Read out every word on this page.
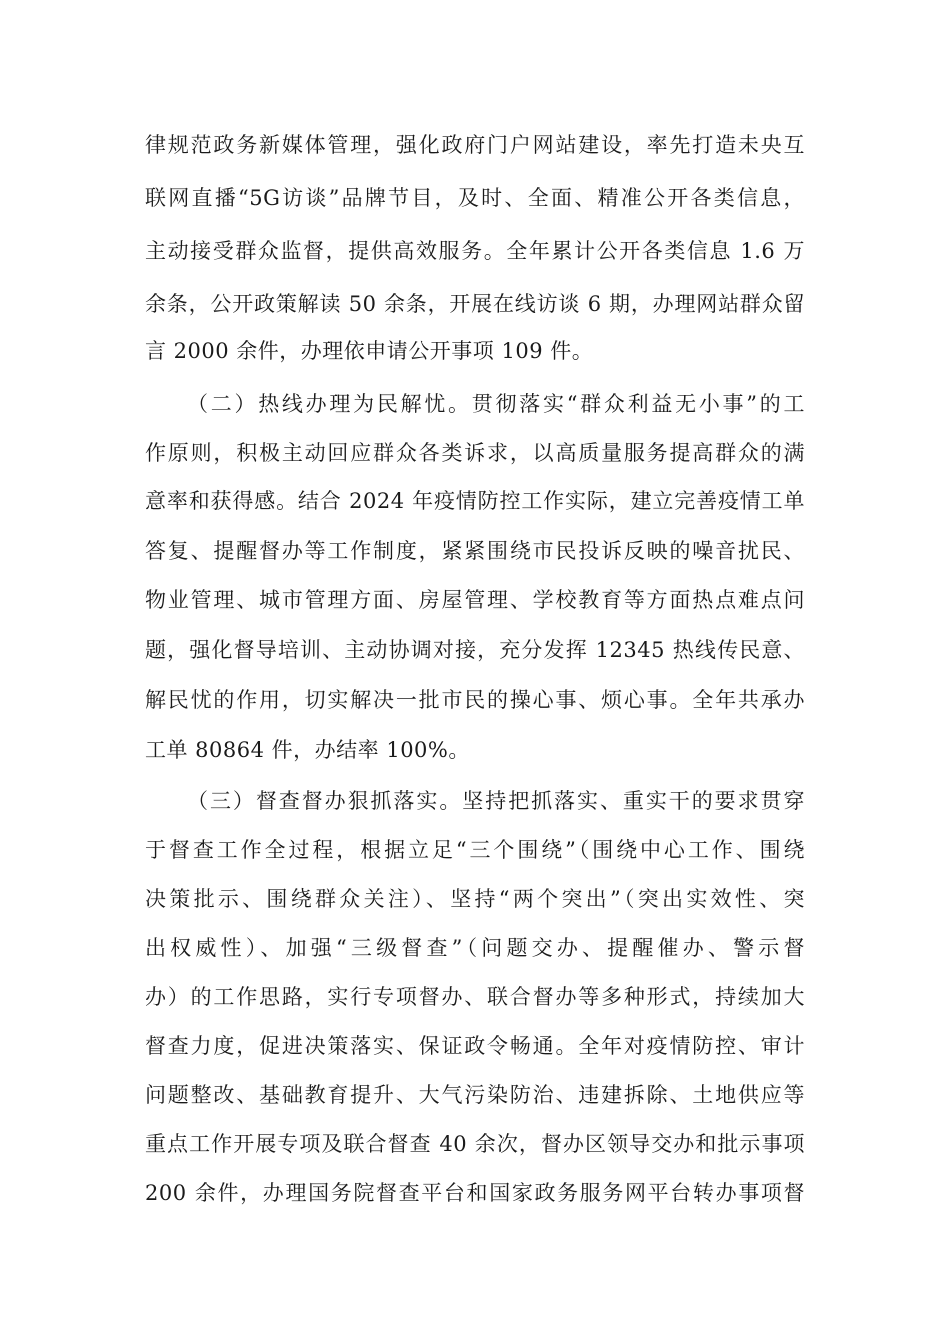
律规范政务新媒体管理，强化政府门户网站建设，率先打造未央互
联网直播“5G访谈”品牌节目，及时、全面、精准公开各类信息，
主动接受群众监督，提供高效服务。全年累计公开各类信息 1.6 万
余条，公开政策解读 50 余条，开展在线访谈 6 期，办理网站群众留
言 2000 余件，办理依申请公开事项 109 件。
（二）热线办理为民解忧。贯彻落实“群众利益无小事”的工
作原则，积极主动回应群众各类诉求，以高质量服务提高群众的满
意率和获得感。结合 2024 年疫情防控工作实际，建立完善疫情工单
答复、提醒督办等工作制度，紧紧围绕市民投诉反映的噪音扰民、
物业管理、城市管理方面、房屋管理、学校教育等方面热点难点问
题，强化督导培训、主动协调对接，充分发挥 12345 热线传民意、
解民忧的作用，切实解决一批市民的操心事、烦心事。全年共承办
工单 80864 件，办结率 100%。
（三）督查督办狠抓落实。坚持把抓落实、重实干的要求贯穿
于督查工作全过程，根据立足“三个围绕”（围绕中心工作、围绕
决策批示、围绕群众关注）、坚持“两个突出”（突出实效性、突
出权威性）、加强“三级督查”（问题交办、提醒催办、警示督
办）的工作思路，实行专项督办、联合督办等多种形式，持续加大
督查力度，促进决策落实、保证政令畅通。全年对疫情防控、审计
问题整改、基础教育提升、大气污染防治、违建拆除、土地供应等
重点工作开展专项及联合督查 40 余次，督办区领导交办和批示事项
200 余件，办理国务院督查平台和国家政务服务网平台转办事项督
